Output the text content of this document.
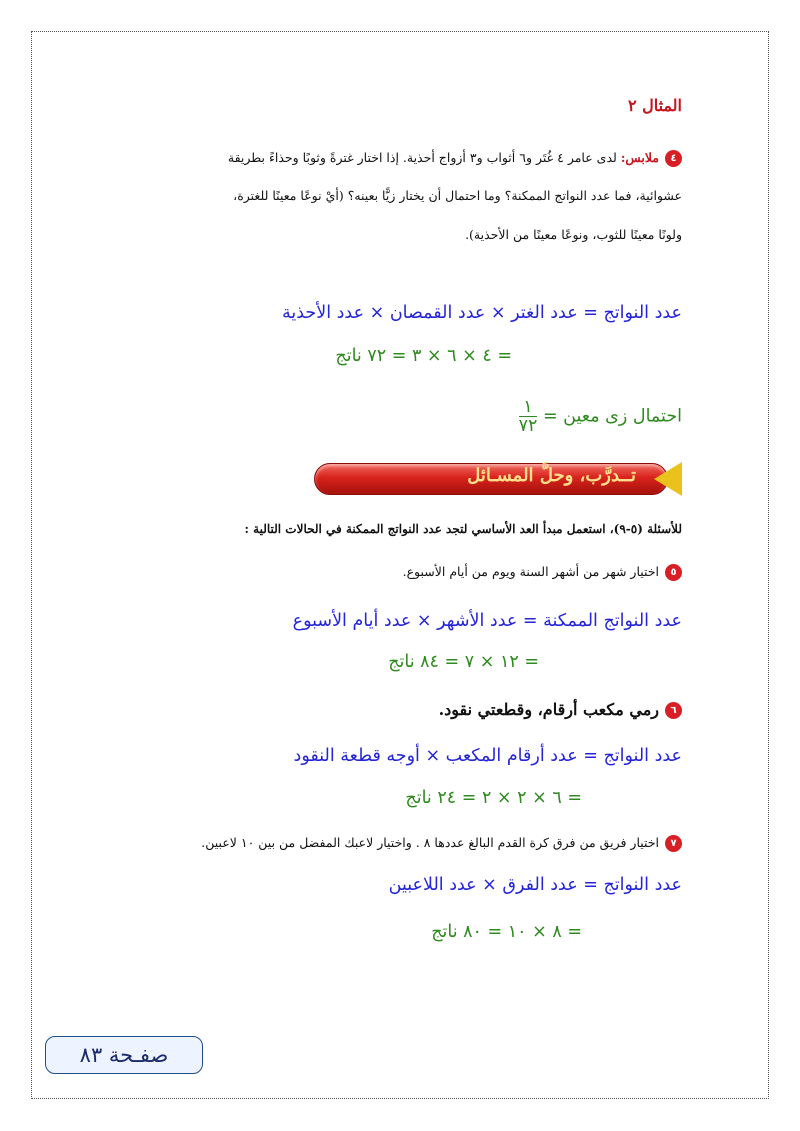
المثال ٢
٤ملابس: لدى عامر ٤ غُتَر و٦ أثواب و٣ أزواج أحذية. إذا اختار غترةً وثوبًا وحذاءً بطريقة
عشوائية، فما عدد النواتج الممكنة؟ وما احتمال أن يختار زيًّا بعينه؟ (أيْ نوعًا معينًا للغترة،
ولونًا معينًا للثوب، ونوعًا معينًا من الأحذية).
عدد النواتج = عدد الغتر × عدد القمصان × عدد الأحذية
= ٤ × ٦ × ٣ = ٧٢ ناتج
احتمال زى معين =
$\frac{١}{٧٢}$
تــدرَّب، وحلَّ المسـائل
للأسئلة (٥-٩)، استعمل مبدأ العد الأساسي لتجد عدد النواتج الممكنة في الحالات التالية :
٥اختيار شهر من أشهر السنة ويوم من أيام الأسبوع.
عدد النواتج الممكنة = عدد الأشهر × عدد أيام الأسبوع
= ١٢ × ٧ = ٨٤ ناتج
٦رمي مكعب أرقام، وقطعتي نقود.
عدد النواتج = عدد أرقام المكعب × أوجه قطعة النقود
= ٦ × ٢ × ٢ = ٢٤ ناتج
٧اختيار فريق من فرق كرة القدم البالغ عددها ٨ . واختيار لاعبك المفضل من بين ١٠ لاعبين.
عدد النواتج = عدد الفرق × عدد اللاعبين
= ٨ × ١٠ = ٨٠ ناتج
صفـحة ٨٣
